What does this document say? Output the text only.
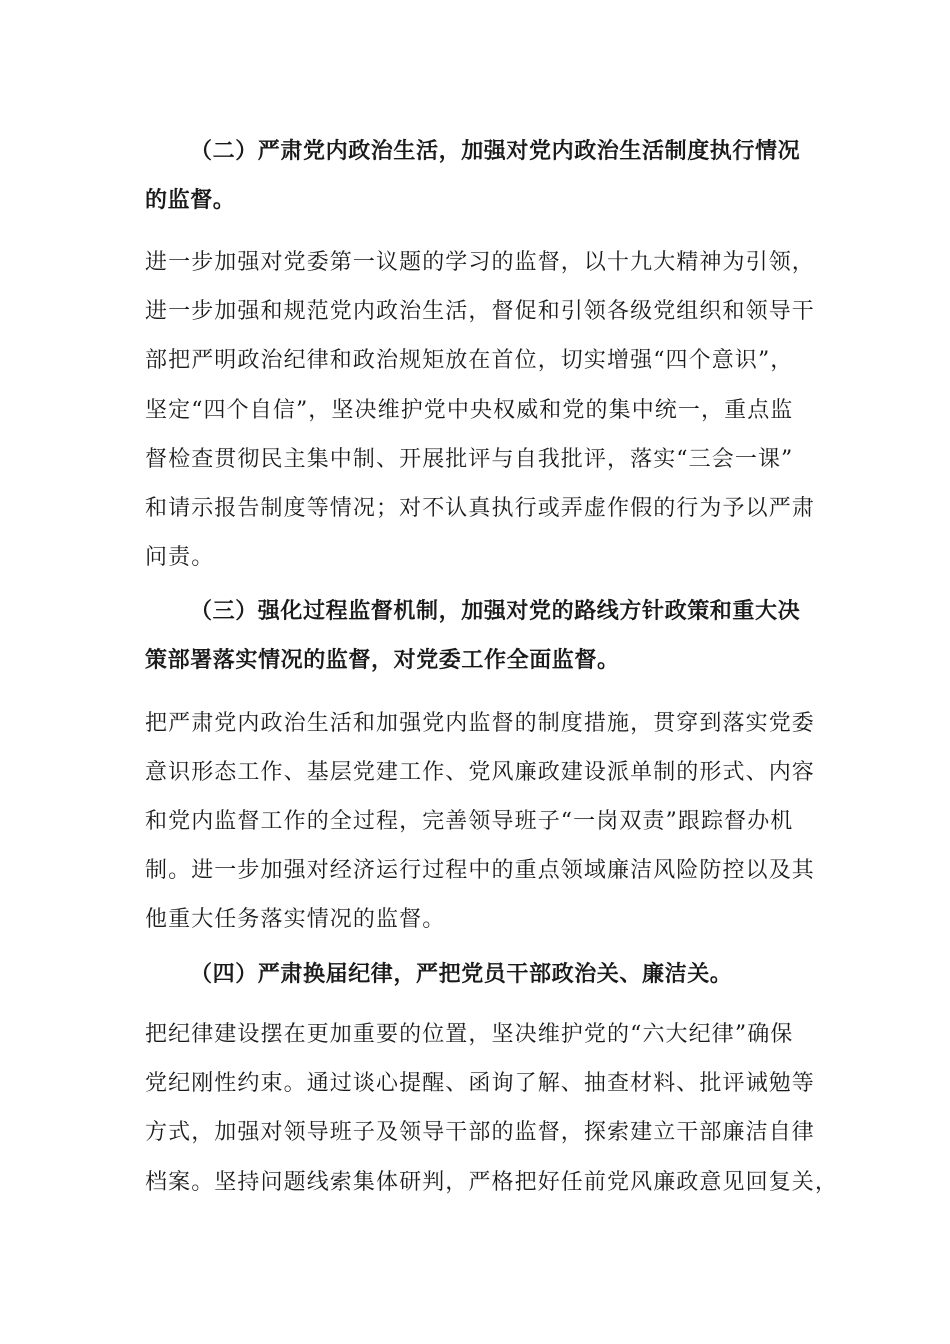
（二）严肃党内政治生活，加强对党内政治生活制度执行情况
的监督。
进一步加强对党委第一议题的学习的监督，以十九大精神为引领，
进一步加强和规范党内政治生活，督促和引领各级党组织和领导干
部把严明政治纪律和政治规矩放在首位，切实增强“四个意识”，
坚定“四个自信”，坚决维护党中央权威和党的集中统一，重点监
督检查贯彻民主集中制、开展批评与自我批评，落实“三会一课”
和请示报告制度等情况；对不认真执行或弄虚作假的行为予以严肃
问责。
（三）强化过程监督机制，加强对党的路线方针政策和重大决
策部署落实情况的监督，对党委工作全面监督。
把严肃党内政治生活和加强党内监督的制度措施，贯穿到落实党委
意识形态工作、基层党建工作、党风廉政建设派单制的形式、内容
和党内监督工作的全过程，完善领导班子“一岗双责”跟踪督办机
制。进一步加强对经济运行过程中的重点领域廉洁风险防控以及其
他重大任务落实情况的监督。
（四）严肃换届纪律，严把党员干部政治关、廉洁关。
把纪律建设摆在更加重要的位置，坚决维护党的“六大纪律”确保
党纪刚性约束。通过谈心提醒、函询了解、抽查材料、批评诫勉等
方式，加强对领导班子及领导干部的监督，探索建立干部廉洁自律
档案。坚持问题线索集体研判，严格把好任前党风廉政意见回复关，
